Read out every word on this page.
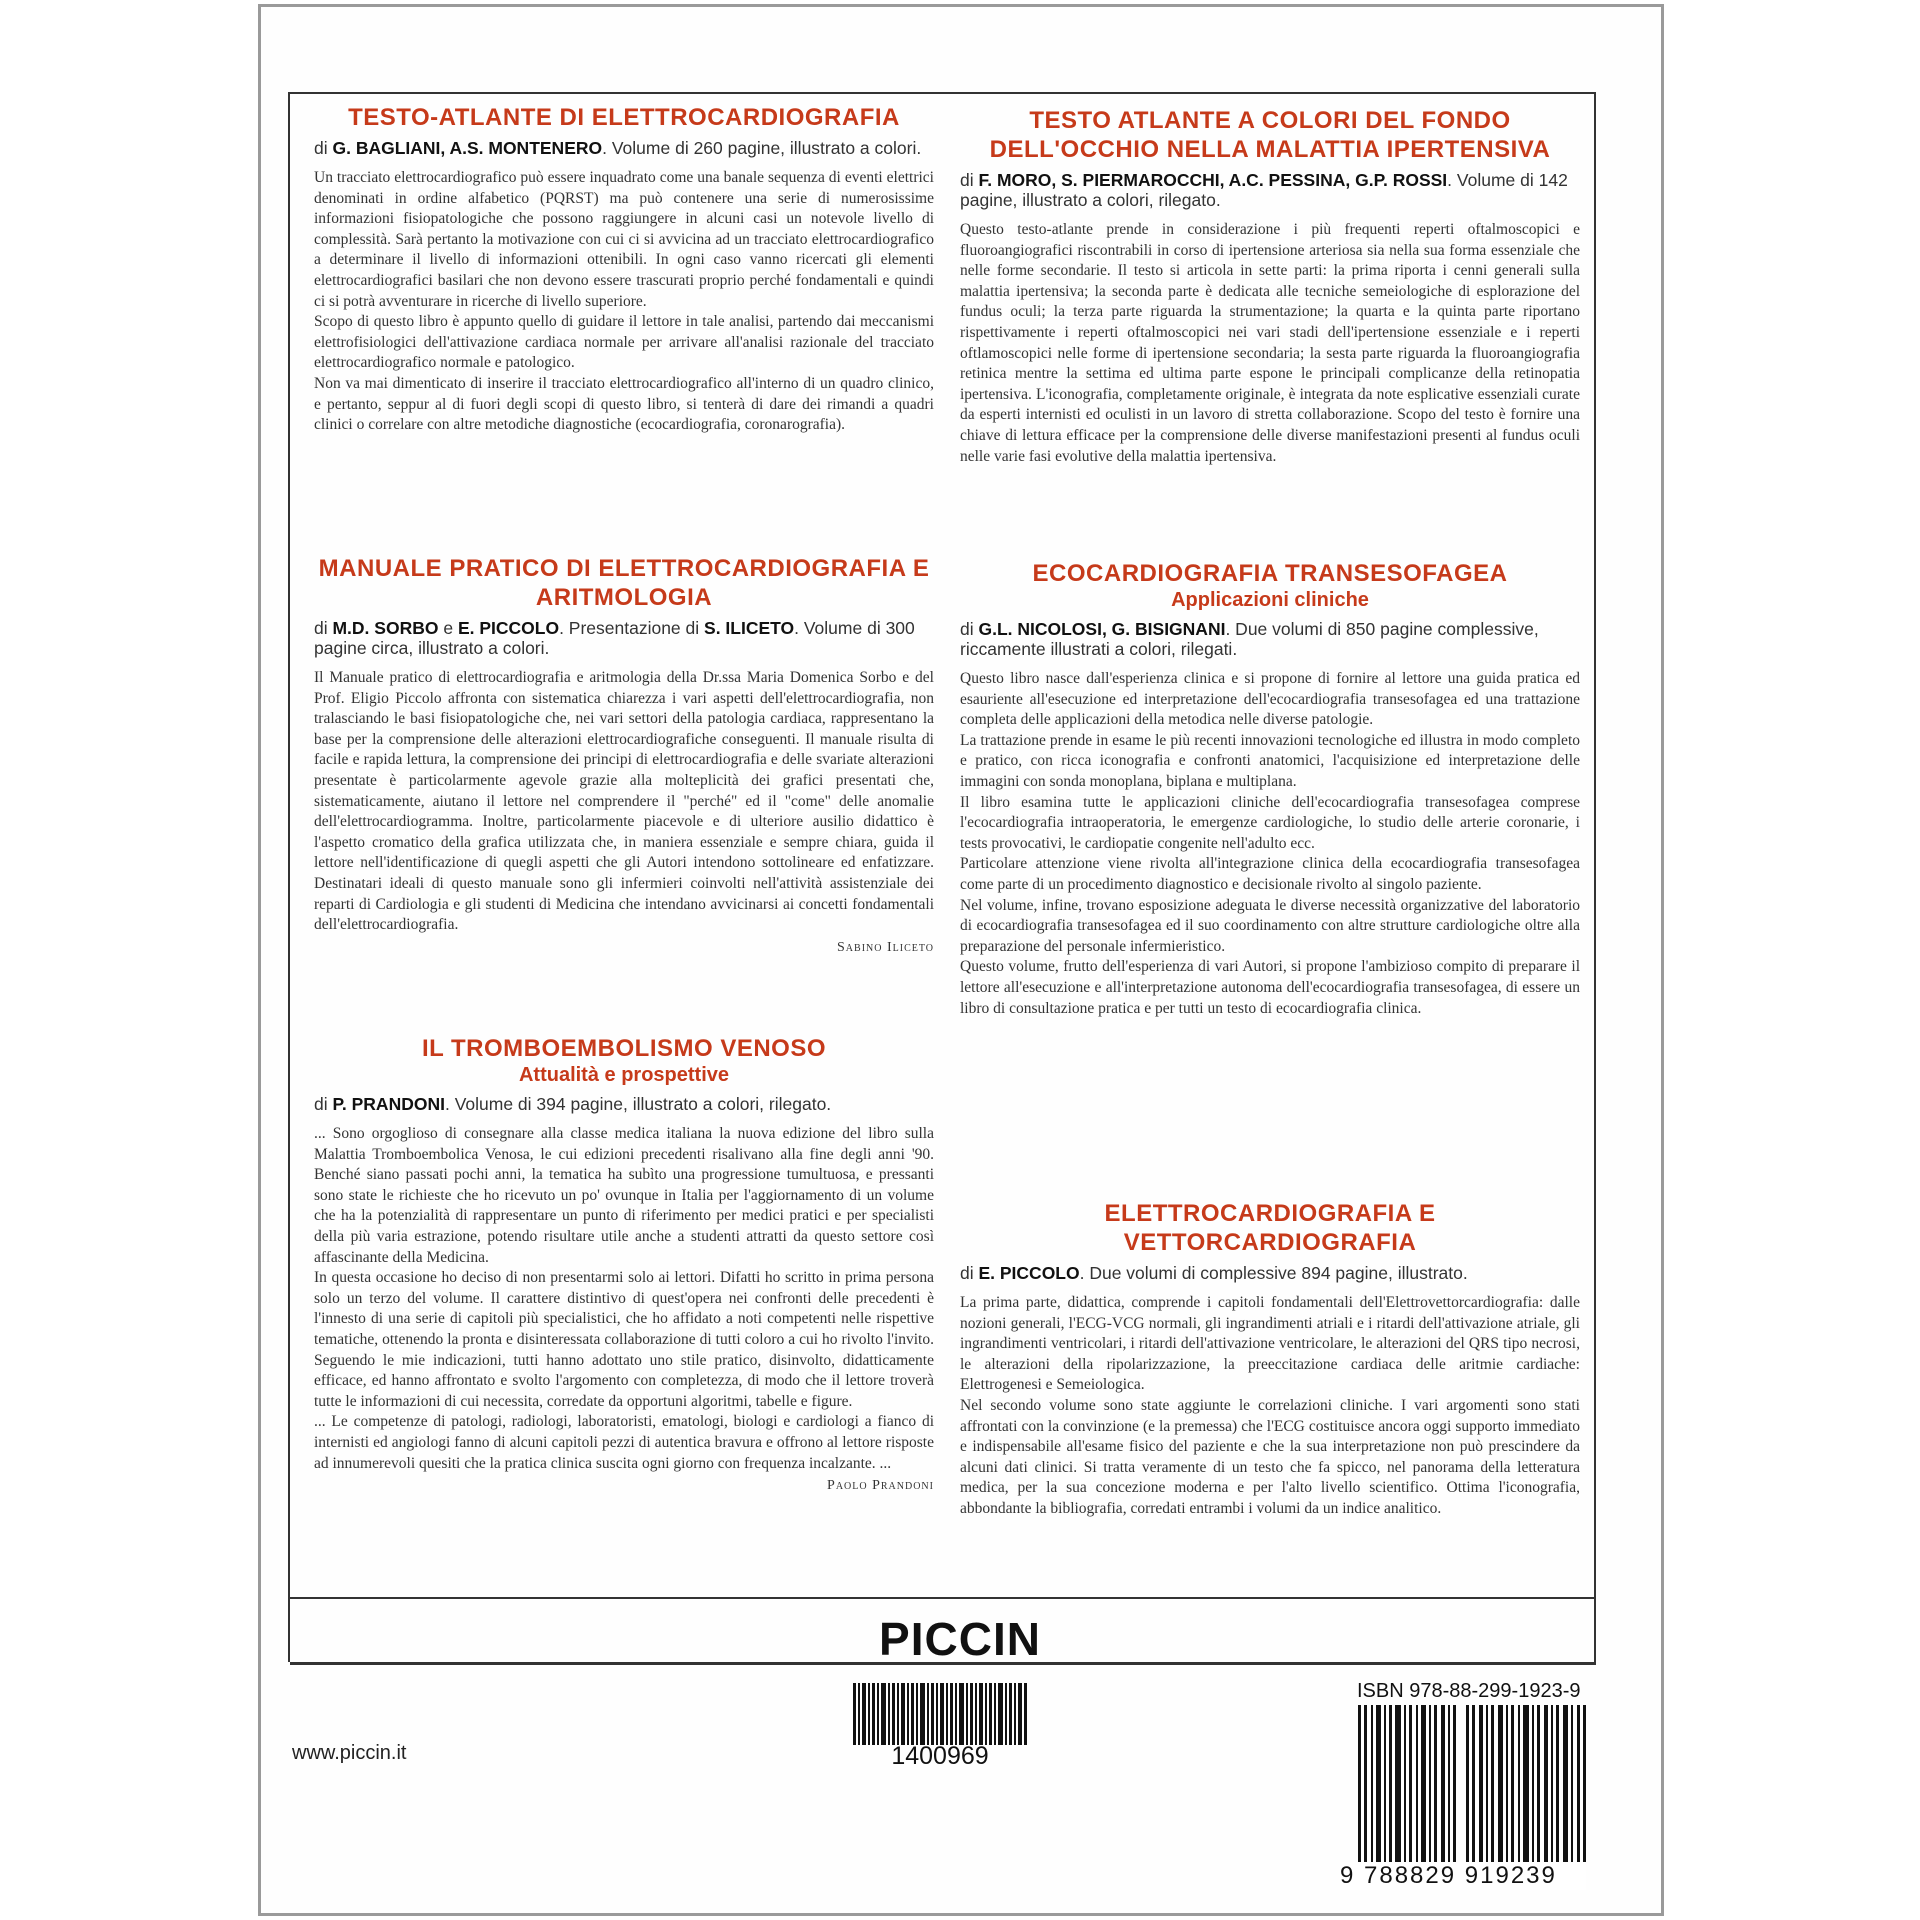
TESTO-ATLANTE DI ELETTROCARDIOGRAFIA
di G. BAGLIANI, A.S. MONTENERO. Volume di 260 pagine, illustrato a colori.

Un tracciato elettrocardiografico può essere inquadrato come una banale sequenza di eventi elettrici denominati in ordine alfabetico (PQRST) ma può contenere una serie di numerosissime informazioni fisiopatologiche che possono raggiungere in alcuni casi un notevole livello di complessità. Sarà pertanto la motivazione con cui ci si avvicina ad un tracciato elettrocardiografico a determinare il livello di informazioni ottenibili. In ogni caso vanno ricercati gli elementi elettrocardiografici basilari che non devono essere trascurati proprio perché fondamentali e quindi ci si potrà avventurare in ricerche di livello superiore.

Scopo di questo libro è appunto quello di guidare il lettore in tale analisi, partendo dai meccanismi elettrofisiologici dell'attivazione cardiaca normale per arrivare all'analisi razionale del tracciato elettrocardiografico normale e patologico.

Non va mai dimenticato di inserire il tracciato elettrocardiografico all'interno di un quadro clinico, e pertanto, seppur al di fuori degli scopi di questo libro, si tenterà di dare dei rimandi a quadri clinici o correlare con altre metodiche diagnostiche (ecocardiografia, coronarografia).

MANUALE PRATICO DI ELETTROCARDIOGRAFIA E ARITMOLOGIA
di M.D. SORBO e E. PICCOLO. Presentazione di S. ILICETO. Volume di 300 pagine circa, illustrato a colori.

Il Manuale pratico di elettrocardiografia e aritmologia della Dr.ssa Maria Domenica Sorbo e del Prof. Eligio Piccolo affronta con sistematica chiarezza i vari aspetti dell'elettrocardiografia, non tralasciando le basi fisiopatologiche che, nei vari settori della patologia cardiaca, rappresentano la base per la comprensione delle alterazioni elettrocardiografiche conseguenti. Il manuale risulta di facile e rapida lettura, la comprensione dei principi di elettrocardiografia e delle svariate alterazioni presentate è particolarmente agevole grazie alla molteplicità dei grafici presentati che, sistematicamente, aiutano il lettore nel comprendere il "perché" ed il "come" delle anomalie dell'elettrocardiogramma. Inoltre, particolarmente piacevole e di ulteriore ausilio didattico è l'aspetto cromatico della grafica utilizzata che, in maniera essenziale e sempre chiara, guida il lettore nell'identificazione di quegli aspetti che gli Autori intendono sottolineare ed enfatizzare. Destinatari ideali di questo manuale sono gli infermieri coinvolti nell'attività assistenziale dei reparti di Cardiologia e gli studenti di Medicina che intendano avvicinarsi ai concetti fondamentali dell'elettrocardiografia.

Sabino Iliceto
IL TROMBOEMBOLISMO VENOSO
Attualità e prospettive
di P. PRANDONI. Volume di 394 pagine, illustrato a colori, rilegato.

... Sono orgoglioso di consegnare alla classe medica italiana la nuova edizione del libro sulla Malattia Tromboembolica Venosa, le cui edizioni precedenti risalivano alla fine degli anni '90. Benché siano passati pochi anni, la tematica ha subìto una progressione tumultuosa, e pressanti sono state le richieste che ho ricevuto un po' ovunque in Italia per l'aggiornamento di un volume che ha la potenzialità di rappresentare un punto di riferimento per medici pratici e per specialisti della più varia estrazione, potendo risultare utile anche a studenti attratti da questo settore così affascinante della Medicina.

In questa occasione ho deciso di non presentarmi solo ai lettori. Difatti ho scritto in prima persona solo un terzo del volume. Il carattere distintivo di quest'opera nei confronti delle precedenti è l'innesto di una serie di capitoli più specialistici, che ho affidato a noti competenti nelle rispettive tematiche, ottenendo la pronta e disinteressata collaborazione di tutti coloro a cui ho rivolto l'invito. Seguendo le mie indicazioni, tutti hanno adottato uno stile pratico, disinvolto, didatticamente efficace, ed hanno affrontato e svolto l'argomento con completezza, di modo che il lettore troverà tutte le informazioni di cui necessita, corredate da opportuni algoritmi, tabelle e figure.

... Le competenze di patologi, radiologi, laboratoristi, ematologi, biologi e cardiologi a fianco di internisti ed angiologi fanno di alcuni capitoli pezzi di autentica bravura e offrono al lettore risposte ad innumerevoli quesiti che la pratica clinica suscita ogni giorno con frequenza incalzante. ...

Paolo Prandoni
TESTO ATLANTE A COLORI DEL FONDO DELL'OCCHIO NELLA MALATTIA IPERTENSIVA
di F. MORO, S. PIERMAROCCHI, A.C. PESSINA, G.P. ROSSI. Volume di 142 pagine, illustrato a colori, rilegato.

Questo testo-atlante prende in considerazione i più frequenti reperti oftalmoscopici e fluoroangiografici riscontrabili in corso di ipertensione arteriosa sia nella sua forma essenziale che nelle forme secondarie. Il testo si articola in sette parti: la prima riporta i cenni generali sulla malattia ipertensiva; la seconda parte è dedicata alle tecniche semeiologiche di esplorazione del fundus oculi; la terza parte riguarda la strumentazione; la quarta e la quinta parte riportano rispettivamente i reperti oftalmoscopici nei vari stadi dell'ipertensione essenziale e i reperti oftlamoscopici nelle forme di ipertensione secondaria; la sesta parte riguarda la fluoroangiografia retinica mentre la settima ed ultima parte espone le principali complicanze della retinopatia ipertensiva. L'iconografia, completamente originale, è integrata da note esplicative essenziali curate da esperti internisti ed oculisti in un lavoro di stretta collaborazione. Scopo del testo è fornire una chiave di lettura efficace per la comprensione delle diverse manifestazioni presenti al fundus oculi nelle varie fasi evolutive della malattia ipertensiva.

ECOCARDIOGRAFIA TRANSESOFAGEA
Applicazioni cliniche
di G.L. NICOLOSI, G. BISIGNANI. Due volumi di 850 pagine complessive, riccamente illustrati a colori, rilegati.

Questo libro nasce dall'esperienza clinica e si propone di fornire al lettore una guida pratica ed esauriente all'esecuzione ed interpretazione dell'ecocardiografia transesofagea ed una trattazione completa delle applicazioni della metodica nelle diverse patologie.

La trattazione prende in esame le più recenti innovazioni tecnologiche ed illustra in modo completo e pratico, con ricca iconografia e confronti anatomici, l'acquisizione ed interpretazione delle immagini con sonda monoplana, biplana e multiplana.

Il libro esamina tutte le applicazioni cliniche dell'ecocardiografia transesofagea comprese l'ecocardiografia intraoperatoria, le emergenze cardiologiche, lo studio delle arterie coronarie, i tests provocativi, le cardiopatie congenite nell'adulto ecc.

Particolare attenzione viene rivolta all'integrazione clinica della ecocardiografia transesofagea come parte di un procedimento diagnostico e decisionale rivolto al singolo paziente.

Nel volume, infine, trovano esposizione adeguata le diverse necessità organizzative del laboratorio di ecocardiografia transesofagea ed il suo coordinamento con altre strutture cardiologiche oltre alla preparazione del personale infermieristico.

Questo volume, frutto dell'esperienza di vari Autori, si propone l'ambizioso compito di preparare il lettore all'esecuzione e all'interpretazione autonoma dell'ecocardiografia transesofagea, di essere un libro di consultazione pratica e per tutti un testo di ecocardiografia clinica.

ELETTROCARDIOGRAFIA E VETTORCARDIOGRAFIA
di E. PICCOLO. Due volumi di complessive 894 pagine, illustrato.

La prima parte, didattica, comprende i capitoli fondamentali dell'Elettrovettorcardiografia: dalle nozioni generali, l'ECG-VCG normali, gli ingrandimenti atriali e i ritardi dell'attivazione atriale, gli ingrandimenti ventricolari, i ritardi dell'attivazione ventricolare, le alterazioni del QRS tipo necrosi, le alterazioni della ripolarizzazione, la preeccitazione cardiaca delle aritmie cardiache: Elettrogenesi e Semeiologica.

Nel secondo volume sono state aggiunte le correlazioni cliniche. I vari argomenti sono stati affrontati con la convinzione (e la premessa) che l'ECG costituisce ancora oggi supporto immediato e indispensabile all'esame fisico del paziente e che la sua interpretazione non può prescindere da alcuni dati clinici. Si tratta veramente di un testo che fa spicco, nel panorama della letteratura medica, per la sua concezione moderna e per l'alto livello scientifico. Ottima l'iconografia, abbondante la bibliografia, corredati entrambi i volumi da un indice analitico.

PICCIN
1400969
www.piccin.it
ISBN 978-88-299-1923-9
9 788829 919239
